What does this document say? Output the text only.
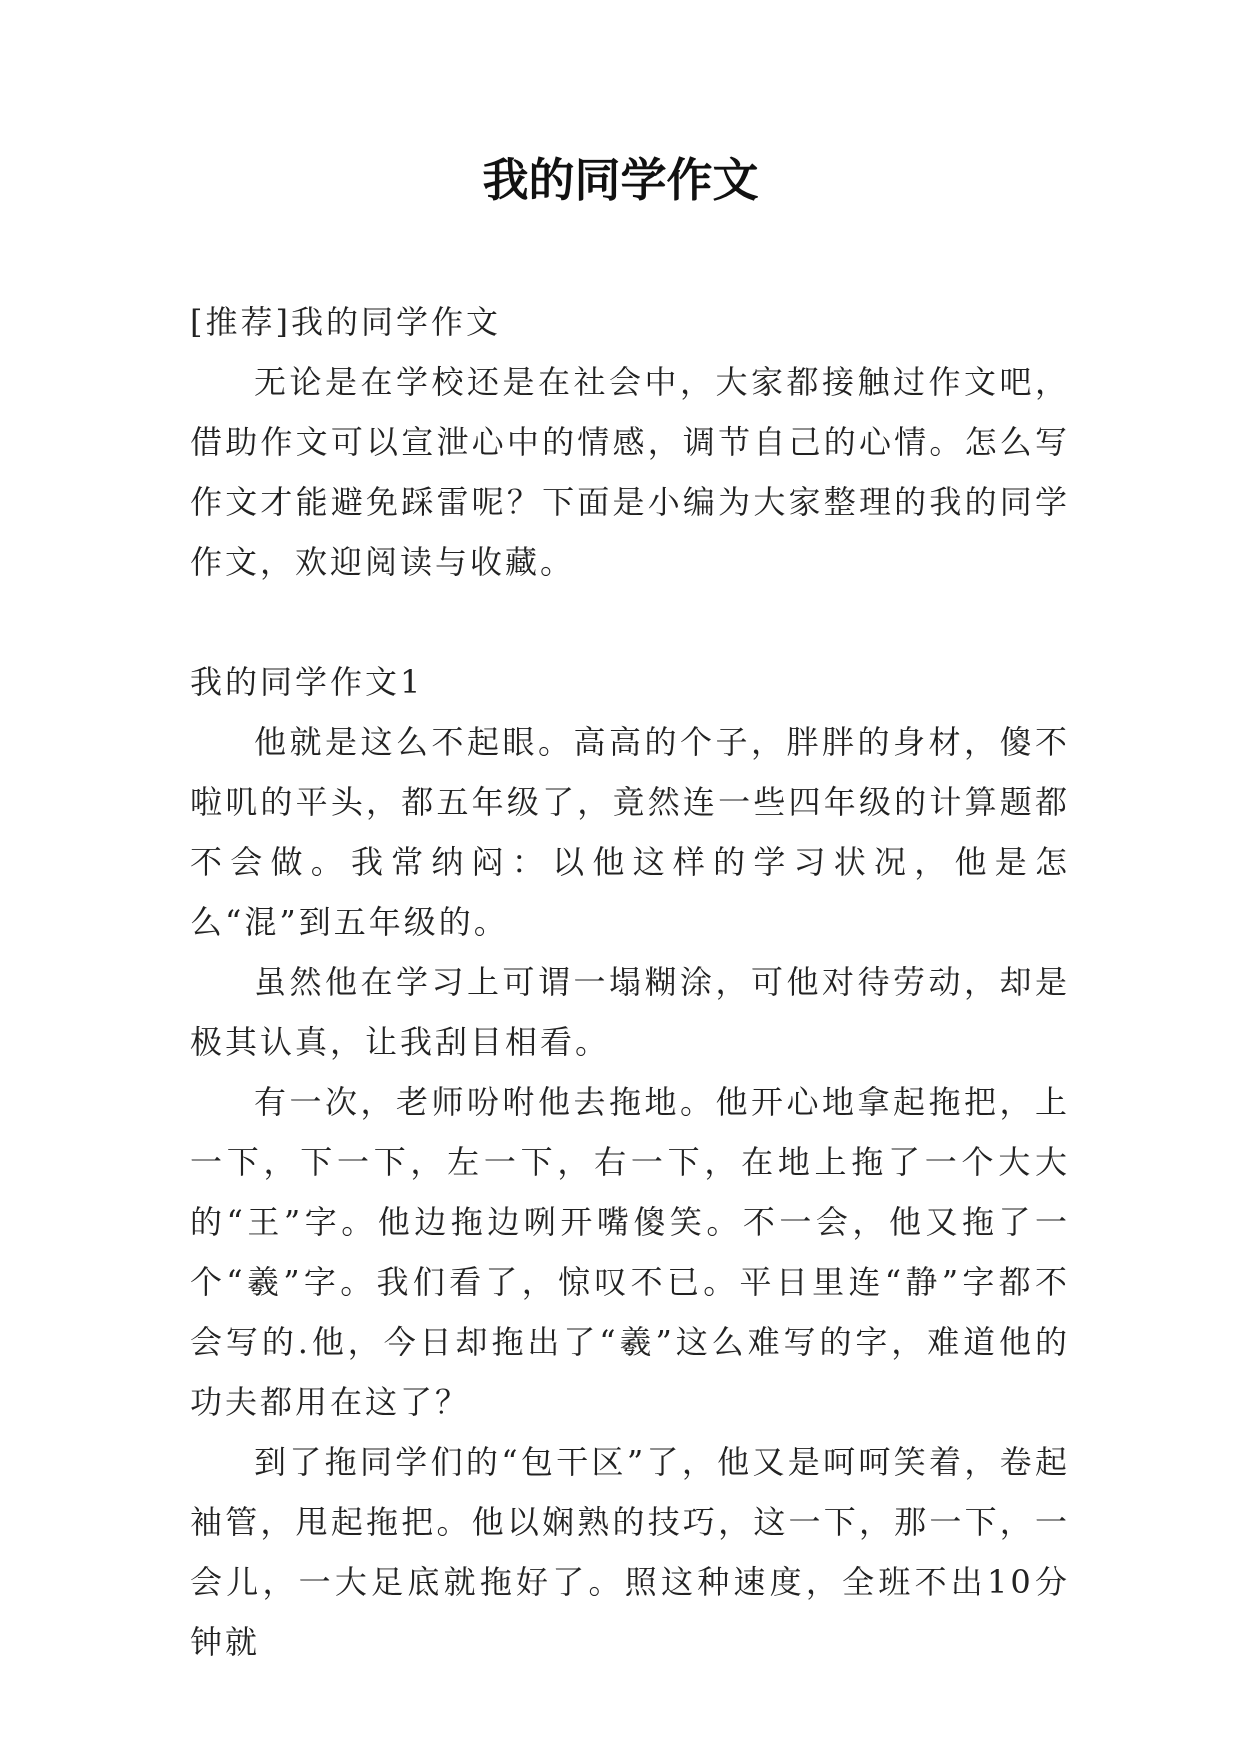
我的同学作文

[推荐]我的同学作文

无论是在学校还是在社会中，大家都接触过作文吧，借助作文可以宣泄心中的情感，调节自己的心情。怎么写作文才能避免踩雷呢？下面是小编为大家整理的我的同学作文，欢迎阅读与收藏。

我的同学作文1

他就是这么不起眼。高高的个子，胖胖的身材，傻不啦叽的平头，都五年级了，竟然连一些四年级的计算题都不会做。我常纳闷：以他这样的学习状况，他是怎么“混”到五年级的。

虽然他在学习上可谓一塌糊涂，可他对待劳动，却是极其认真，让我刮目相看。

有一次，老师吩咐他去拖地。他开心地拿起拖把，上一下，下一下，左一下，右一下，在地上拖了一个大大的“王”字。他边拖边咧开嘴傻笑。不一会，他又拖了一个“羲”字。我们看了，惊叹不已。平日里连“静”字都不会写的.他，今日却拖出了“羲”这么难写的字，难道他的功夫都用在这了？

到了拖同学们的“包干区”了，他又是呵呵笑着，卷起袖管，甩起拖把。他以娴熟的技巧，这一下，那一下，一会儿，一大足底就拖好了。照这种速度，全班不出10分钟就
